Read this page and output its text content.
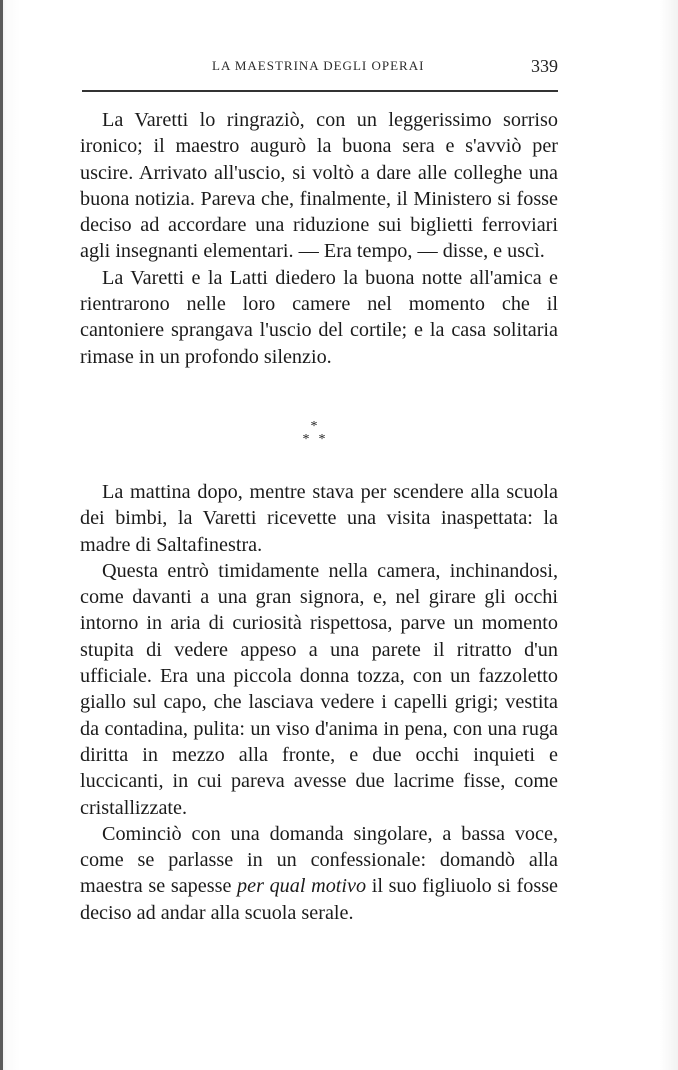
LA MAESTRINA DEGLI OPERAI	339

La Varetti lo ringraziò, con un leggerissimo sorriso ironico; il maestro augurò la buona sera e s'avviò per uscire. Arrivato all'uscio, si voltò a dare alle colleghe una buona notizia. Pareva che, finalmente, il Ministero si fosse deciso ad accordare una riduzione sui biglietti ferroviari agli insegnanti elementari. — Era tempo, — disse, e uscì.

La Varetti e la Latti diedero la buona notte all'amica e rientrarono nelle loro camere nel momento che il cantoniere sprangava l'uscio del cortile; e la casa solitaria rimase in un profondo silenzio.

*
* *

La mattina dopo, mentre stava per scendere alla scuola dei bimbi, la Varetti ricevette una visita inaspettata: la madre di Saltafinestra.

Questa entrò timidamente nella camera, inchinandosi, come davanti a una gran signora, e, nel girare gli occhi intorno in aria di curiosità rispettosa, parve un momento stupita di vedere appeso a una parete il ritratto d'un ufficiale. Era una piccola donna tozza, con un fazzoletto giallo sul capo, che lasciava vedere i capelli grigi; vestita da contadina, pulita: un viso d'anima in pena, con una ruga diritta in mezzo alla fronte, e due occhi inquieti e luccicanti, in cui pareva avesse due lacrime fisse, come cristallizzate.

Cominciò con una domanda singolare, a bassa voce, come se parlasse in un confessionale: domandò alla maestra se sapesse per qual motivo il suo figliuolo si fosse deciso ad andar alla scuola serale.
